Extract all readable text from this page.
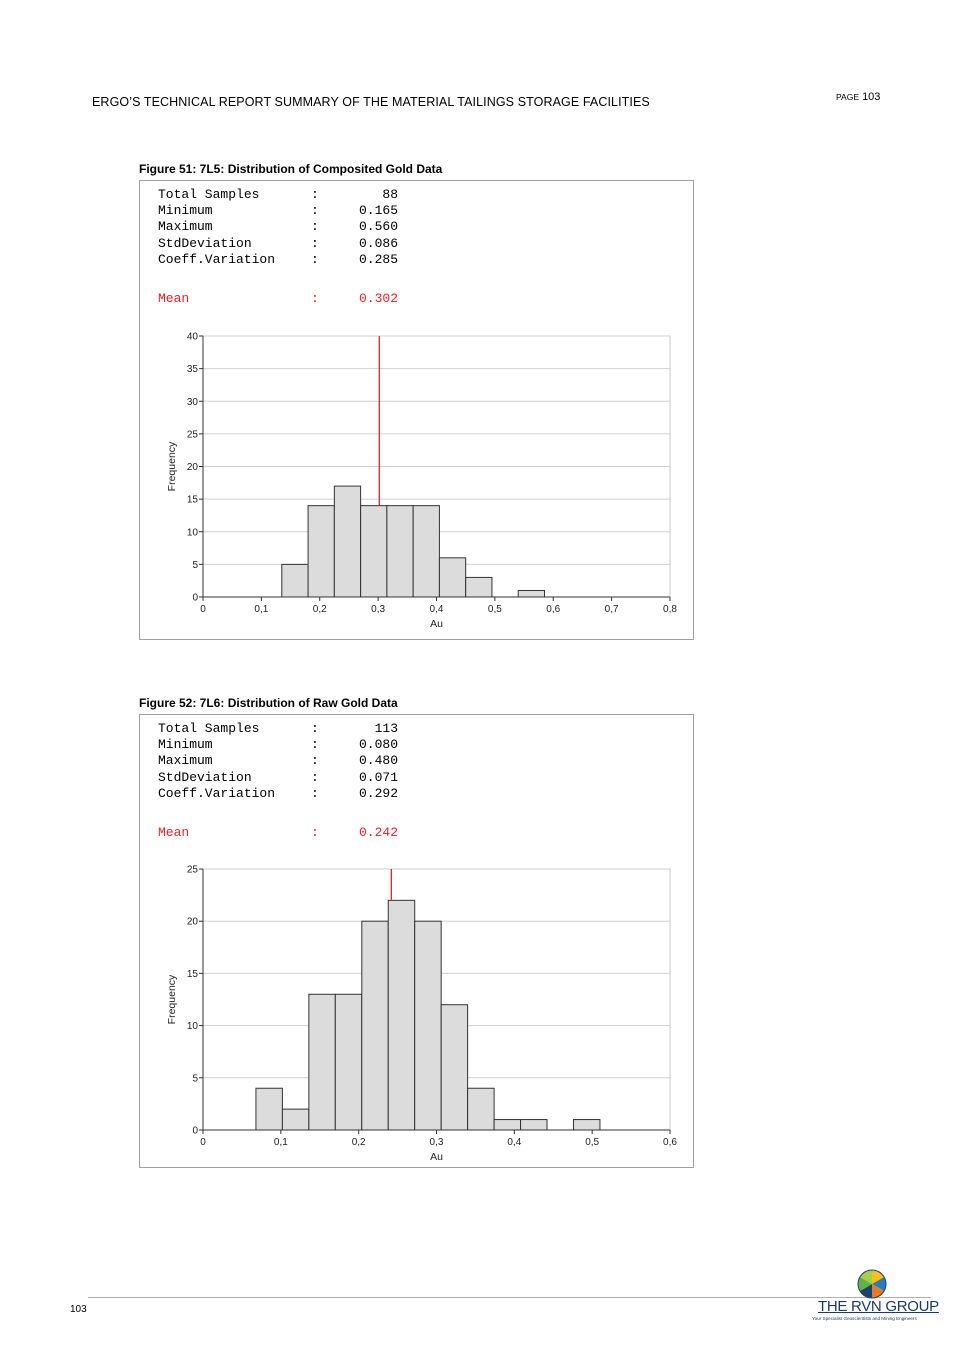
ERGO’S TECHNICAL REPORT SUMMARY OF THE MATERIAL TAILINGS STORAGE FACILITIES	PAGE 103
Figure 51: 7L5: Distribution of Composited Gold Data
Total Samples	:	88
Minimum	:	0.165
Maximum	:	0.560
StdDeviation	:	0.086
Coeff.Variation	:	0.285
Mean	:	0.302
0
5
10
15
20
25
30
35
40
0	0,1	0,2	0,3	0,4	0,5	0,6	0,7	0,8
Au
Frequency
Figure 52: 7L6: Distribution of Raw Gold Data
Total Samples	:	113
Minimum	:	0.080
Maximum	:	0.480
StdDeviation	:	0.071
Coeff.Variation	:	0.292
Mean	:	0.242
0
5
10
15
20
25
0	0,1	0,2	0,3	0,4	0,5	0,6
Au
Frequency
103	THE RVN GROUP
Your Specialist Geoscientists and Mining Engineers
